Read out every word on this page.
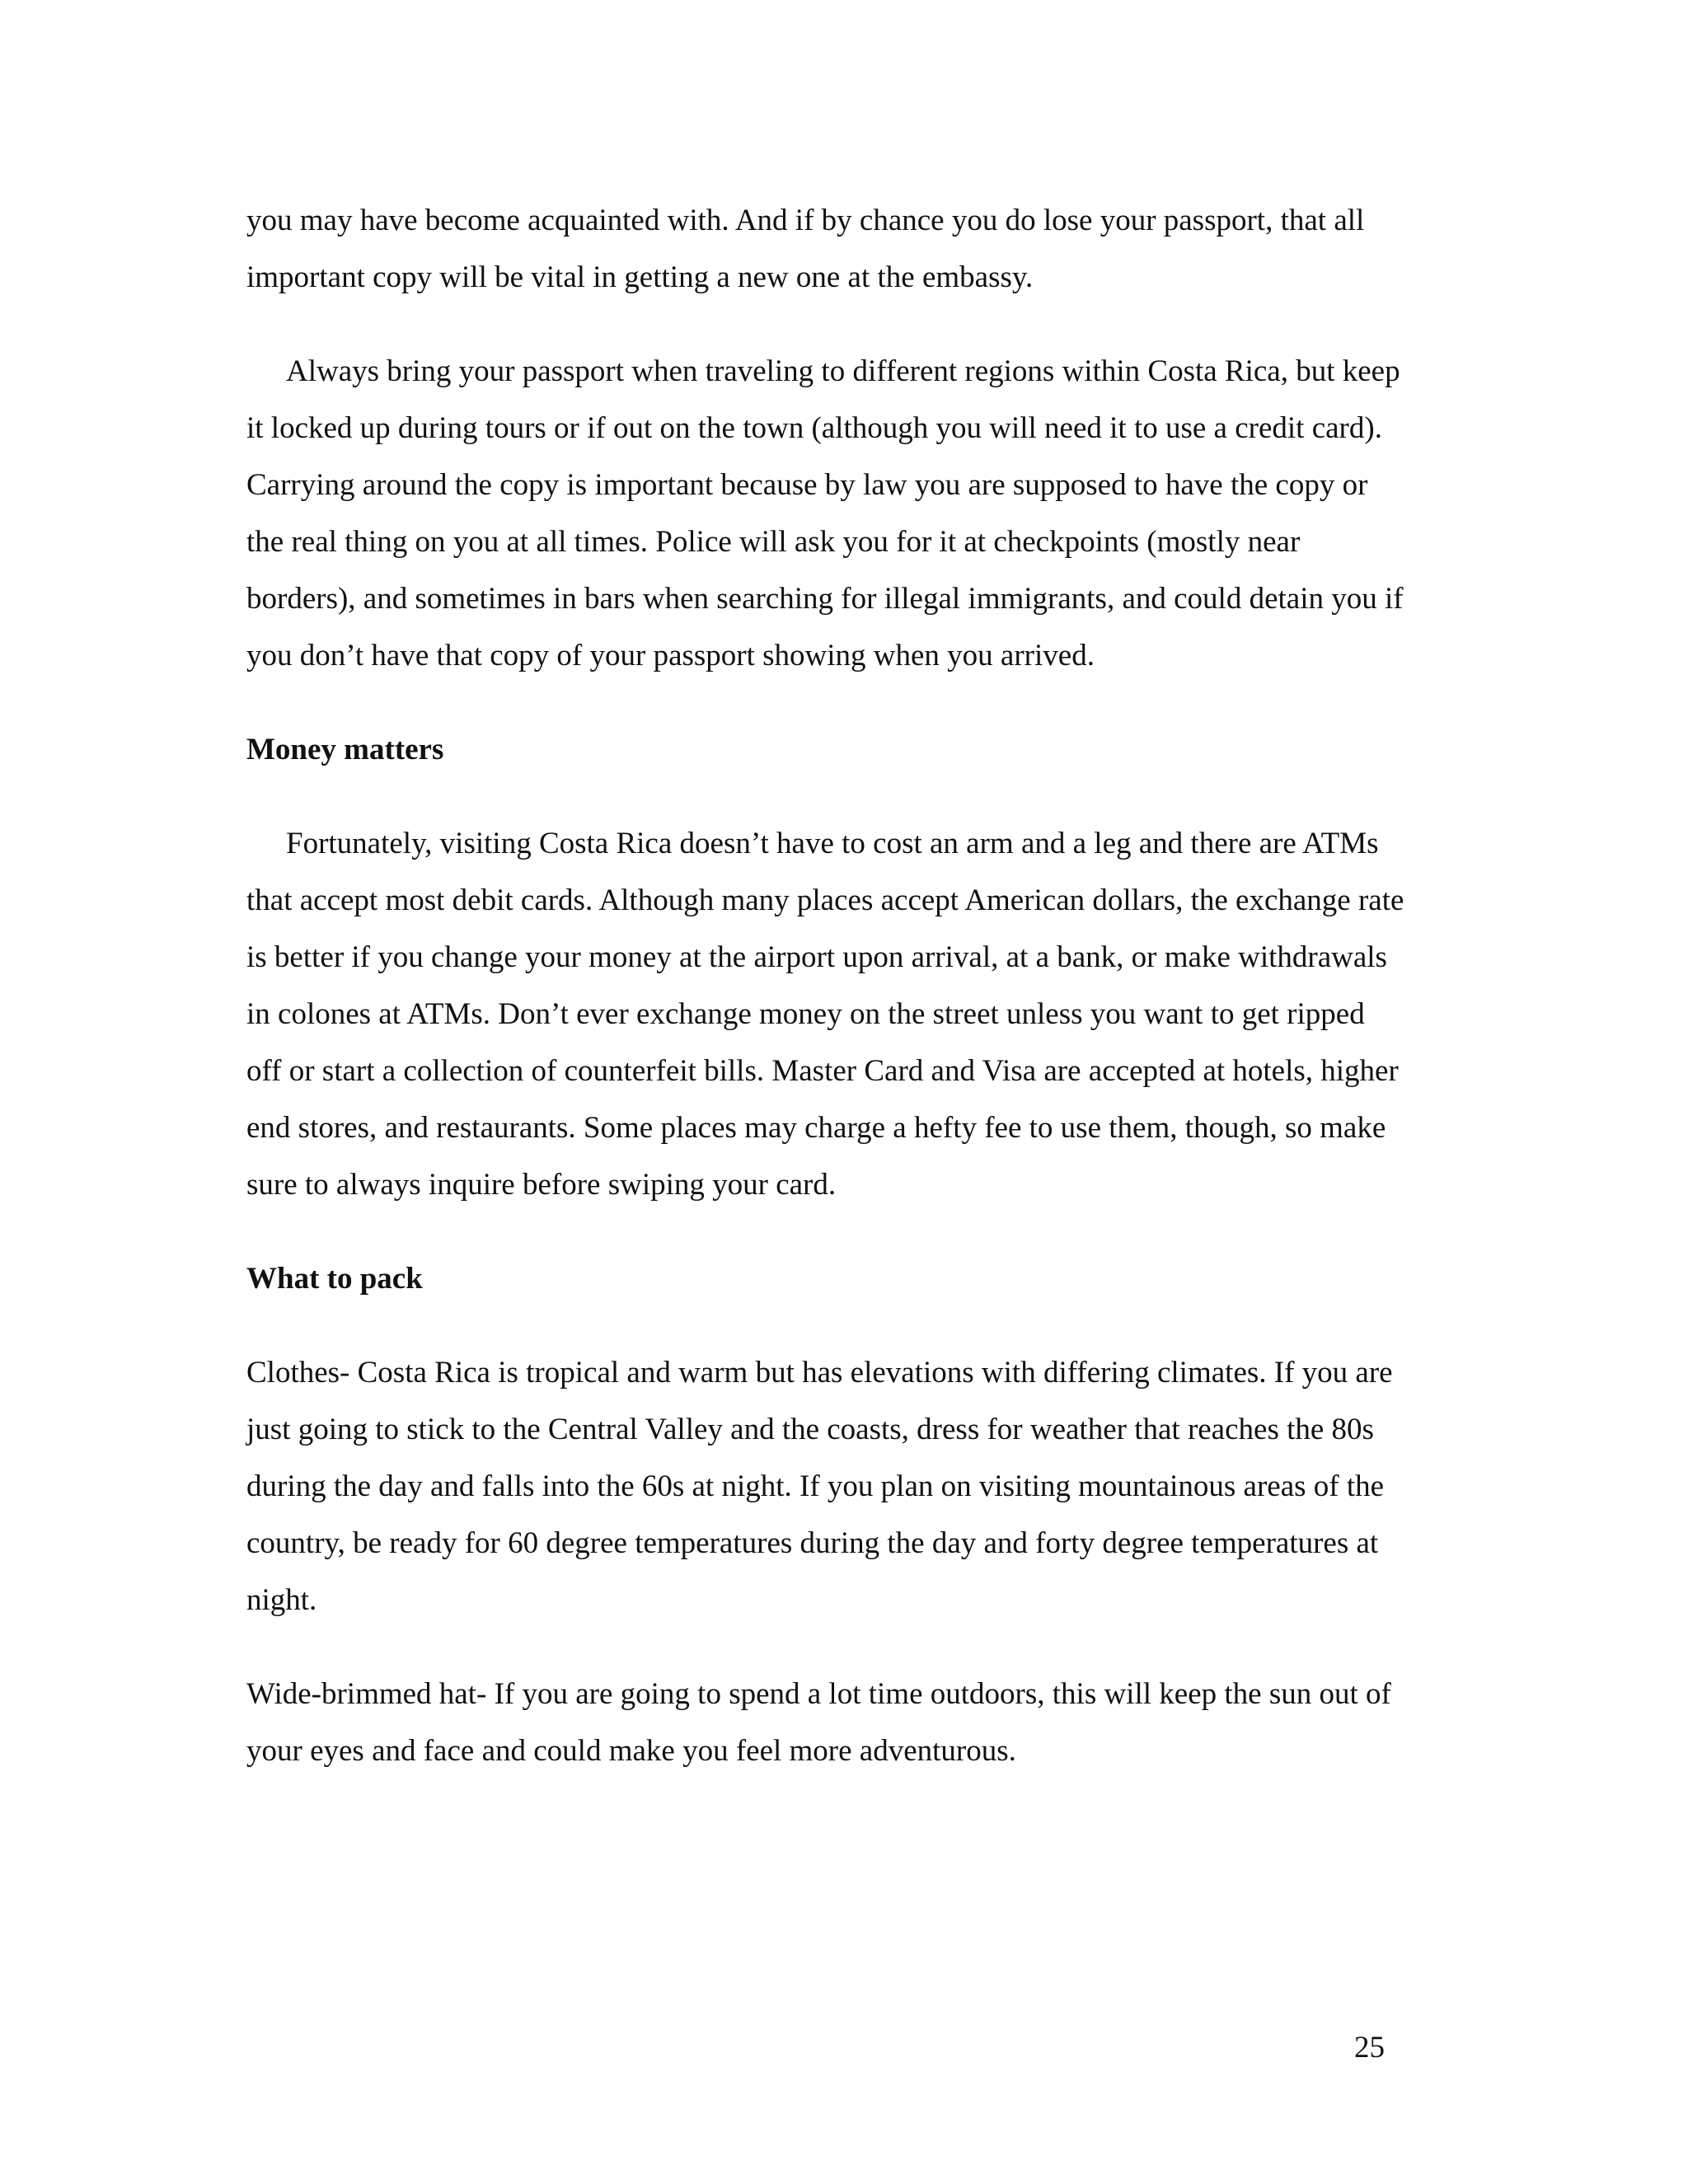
you may have become acquainted with. And if by chance you do lose your passport, that all important copy will be vital in getting a new one at the embassy.

Always bring your passport when traveling to different regions within Costa Rica, but keep it locked up during tours or if out on the town (although you will need it to use a credit card). Carrying around the copy is important because by law you are supposed to have the copy or the real thing on you at all times. Police will ask you for it at checkpoints (mostly near borders), and sometimes in bars when searching for illegal immigrants, and could detain you if you don’t have that copy of your passport showing when you arrived.

Money matters

Fortunately, visiting Costa Rica doesn’t have to cost an arm and a leg and there are ATMs that accept most debit cards. Although many places accept American dollars, the exchange rate is better if you change your money at the airport upon arrival, at a bank, or make withdrawals in colones at ATMs. Don’t ever exchange money on the street unless you want to get ripped off or start a collection of counterfeit bills. Master Card and Visa are accepted at hotels, higher end stores, and restaurants. Some places may charge a hefty fee to use them, though, so make sure to always inquire before swiping your card.

What to pack

Clothes- Costa Rica is tropical and warm but has elevations with differing climates. If you are just going to stick to the Central Valley and the coasts, dress for weather that reaches the 80s during the day and falls into the 60s at night. If you plan on visiting mountainous areas of the country, be ready for 60 degree temperatures during the day and forty degree temperatures at night.

Wide-brimmed hat- If you are going to spend a lot time outdoors, this will keep the sun out of your eyes and face and could make you feel more adventurous.

25
